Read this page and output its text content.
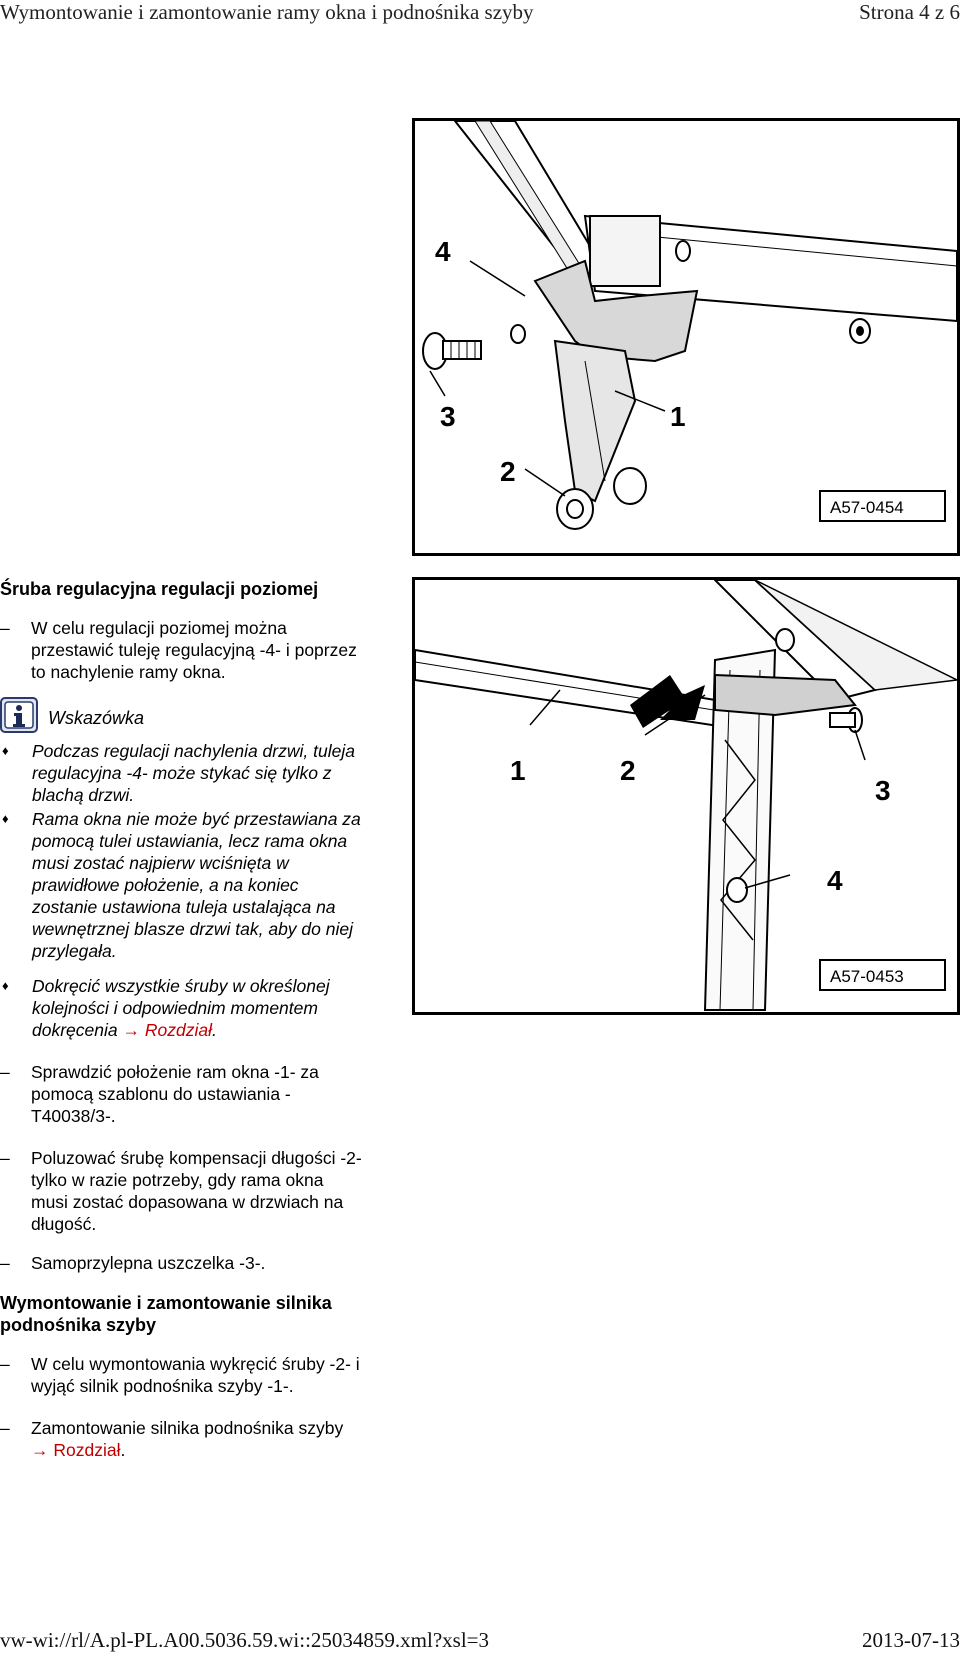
Wymontowanie i zamontowanie ramy okna i podnośnika szyby	Strona 4 z 6
4
3	1
2
A57-0454
1	2
3
4
A57-0453
Śruba regulacyjna regulacji poziomej
– W celu regulacji poziomej można
przestawić tuleję regulacyjną -4- i poprzez
to nachylenie ramy okna.
Wskazówka
♦ Podczas regulacji nachylenia drzwi, tuleja
regulacyjna -4- może stykać się tylko z
blachą drzwi.
♦ Rama okna nie może być przestawiana za
pomocą tulei ustawiania, lecz rama okna
musi zostać najpierw wciśnięta w
prawidłowe położenie, a na koniec
zostanie ustawiona tuleja ustalająca na
wewnętrznej blasze drzwi tak, aby do niej
przylegała.
♦ Dokręcić wszystkie śruby w określonej
kolejności i odpowiednim momentem
dokręcenia → Rozdział.
– Sprawdzić położenie ram okna -1- za
pomocą szablonu do ustawiania -
T40038/3-.
– Poluzować śrubę kompensacji długości -2-
tylko w razie potrzeby, gdy rama okna
musi zostać dopasowana w drzwiach na
długość.
– Samoprzylepna uszczelka -3-.
Wymontowanie i zamontowanie silnika
podnośnika szyby
– W celu wymontowania wykręcić śruby -2- i
wyjąć silnik podnośnika szyby -1-.
– Zamontowanie silnika podnośnika szyby
→ Rozdział.
vw-wi://rl/A.pl-PL.A00.5036.59.wi::25034859.xml?xsl=3	2013-07-13
